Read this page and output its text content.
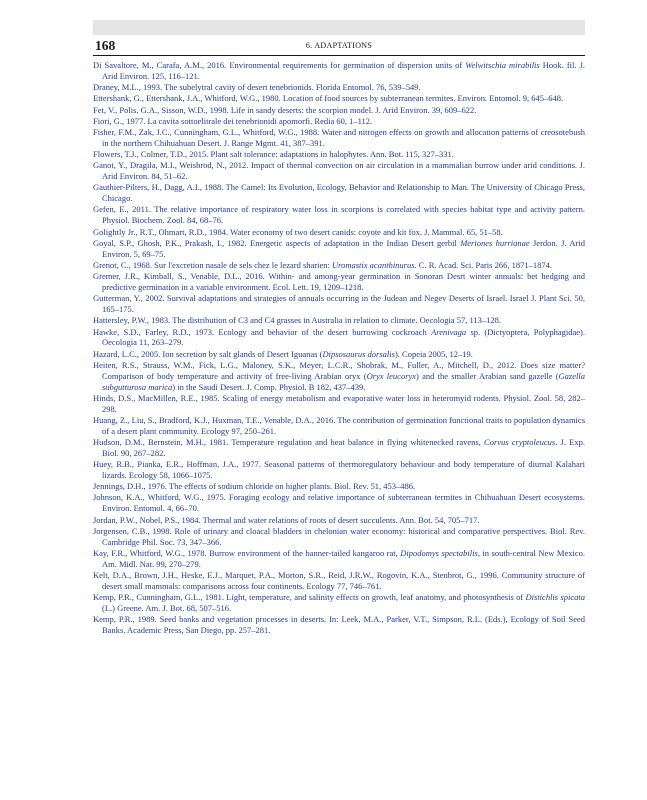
168	6. ADAPTATIONS

Di Savaltore, M., Carafa, A.M., 2016. Environmental requirements for germination of dispersion units of Welwitschia mirabilis Hook. fil. J. Arid Environ. 125, 116–121.

Draney, M.L., 1993. The subelytral cavity of desert tenebrionids. Florida Entomol. 76, 539–549.

Ettershank, G., Ettershank, J.A., Whitford, W.G., 1980. Location of food sources by subterranean termites. Environ. Entomol. 9, 645–648.

Fet, V., Polis, G.A., Sisson, W.D., 1998. Life in sandy deserts: the scorpion model. J. Arid Environ. 39, 609–622.

Fiori, G., 1977. La cavita sottoelitrale dei tenebrionidi apomorfi. Redia 60, 1–112.

Fisher, F.M., Zak, J.C., Cunningham, G.L., Whitford, W.G., 1988. Water and nitrogen effects on growth and allocation patterns of creosotebush in the northern Chihuahuan Desert. J. Range Mgmt. 41, 387–391.

Flowers, T.J., Colmer, T.D., 2015. Plant salt tolerance: adaptations in halophytes. Ann. Bot. 115, 327–331.

Ganot, Y., Dragila, M.I., Weisbrod, N., 2012. Impact of thermal convection on air circulation in a mammalian burrow under arid conditions. J. Arid Environ. 84, 51–62.

Gauthier-Pilters, H., Dagg, A.I., 1988. The Camel: Its Evolution, Ecology, Behavior and Relationship to Man. The University of Chicago Press, Chicago.

Gefen, E., 2011. The relative importance of respiratory water loss in scorpions is correlated with species habitat type and activity pattern. Physiol. Biochem. Zool. 84, 68–76.

Golightly Jr., R.T., Ohmart, R.D., 1984. Water economy of two desert canids: coyote and kit fox. J. Mammal. 65, 51–58.

Goyal, S.P., Ghosh, P.K., Prakash, I., 1982. Energetic aspects of adaptation in the Indian Desert gerbil Meriones hurrianae Jerdon. J. Arid Environ. 5, 69–75.

Grenot, C., 1968. Sur l'excretion nasale de sels chez le lezard sharien: Uromastix acanthinurus. C. R. Acad. Sci. Paris 266, 1871–1874.

Gremer, J.R., Kimball, S., Venable, D.L., 2016. Within- and among-year germination in Sonoran Desrt winter annuals: bet hedging and predictive germination in a variable environment. Ecol. Lett. 19, 1209–1218.

Gutterman, Y., 2002. Survival adaptations and strategies of annuals occurring in the Judean and Negev Deserts of Israel. Israel J. Plant Sci. 50, 165–175.

Hattersley, P.W., 1983. The distribution of C3 and C4 grasses in Australia in relation to climate. Oecologia 57, 113–128.

Hawke, S.D., Farley, R.D., 1973. Ecology and behavior of the desert burrowing cockroach Arenivaga sp. (Dictyoptera, Polyphagidae). Oecologia 11, 263–279.

Hazard, L.C., 2005. Ion secretion by salt glands of Desert Iguanas (Dipsosaurus dorsalis). Copeia 2005, 12–19.

Heiten, R.S., Strauss, W.M., Fick, L.G., Maloney, S.K., Meyer, L.C.R., Shobrak, M., Fuller, A., Mitchell, D., 2012. Does size matter? Comparison of body temperature and activity of free-living Arabian oryx (Oryx leucoryx) and the smaller Arabian sand gazelle (Gazella subgutturosa marica) in the Saudi Desert. J. Comp. Physiol. B 182, 437–439.

Hinds, D.S., MacMillen, R.E., 1985. Scaling of energy metabolism and evaporative water loss in heteromyid rodents. Physiol. Zool. 58, 282–298.

Huang, Z., Liu, S., Bradford, K.J., Huxman, T.E., Venable, D.A., 2016. The contribution of germination functional traits to population dynamics of a desert plant community. Ecology 97, 250–261.

Hudson, D.M., Bernstein, M.H., 1981. Temperature regulation and heat balance in flying whitenecked ravens, Corvus cryptoleucus. J. Exp. Biol. 90, 267–282.

Huey, R.B., Pianka, E.R., Hoffman, J.A., 1977. Seasonal patterns of thermoregulatory behaviour and body temperature of diurnal Kalahari lizards. Ecology 58, 1066–1075.

Jennings, D.H., 1976. The effects of sodium chloride on higher plants. Biol. Rev. 51, 453–486.

Johnson, K.A., Whitford, W.G., 1975. Foraging ecology and relative importance of subterranean termites in Chihuahuan Desert ecosystems. Environ. Entomol. 4, 66–70.

Jordan, P.W., Nobel, P.S., 1984. Thermal and water relations of roots of desert succulents. Ann. Bot. 54, 705–717.

Jorgensen, C.B., 1998. Role of urinary and cloacal bladders in chelonian water economy: historical and comparative perspectives. Biol. Rev. Cambridge Phil. Soc. 73, 347–366.

Kay, F.R., Whitford, W.G., 1978. Burrow environment of the banner-tailed kangaroo rat, Dipodomys spectabilis, in south-central New Mexico. Am. Midl. Nat. 99, 270–279.

Kelt, D.A., Brown, J.H., Heske, E.J., Marquet, P.A., Morton, S.R., Reid, J.R.W., Rogovin, K.A., Stenbrot, G., 1996. Community structure of desert small mammals: comparisons across four continents. Ecology 77, 746–761.

Kemp, P.R., Cunningham, G.L., 1981. Light, temperature, and salinity effects on growth, leaf anatomy, and photosynthesis of Distichlis spicata (L.) Greene. Am. J. Bot. 68, 507–516.

Kemp, P.R., 1989. Seed banks and vegetation processes in deserts. In: Leek, M.A., Parker, V.T., Simpson, R.L. (Eds.), Ecology of Soil Seed Banks. Academic Press, San Diego, pp. 257–281.
